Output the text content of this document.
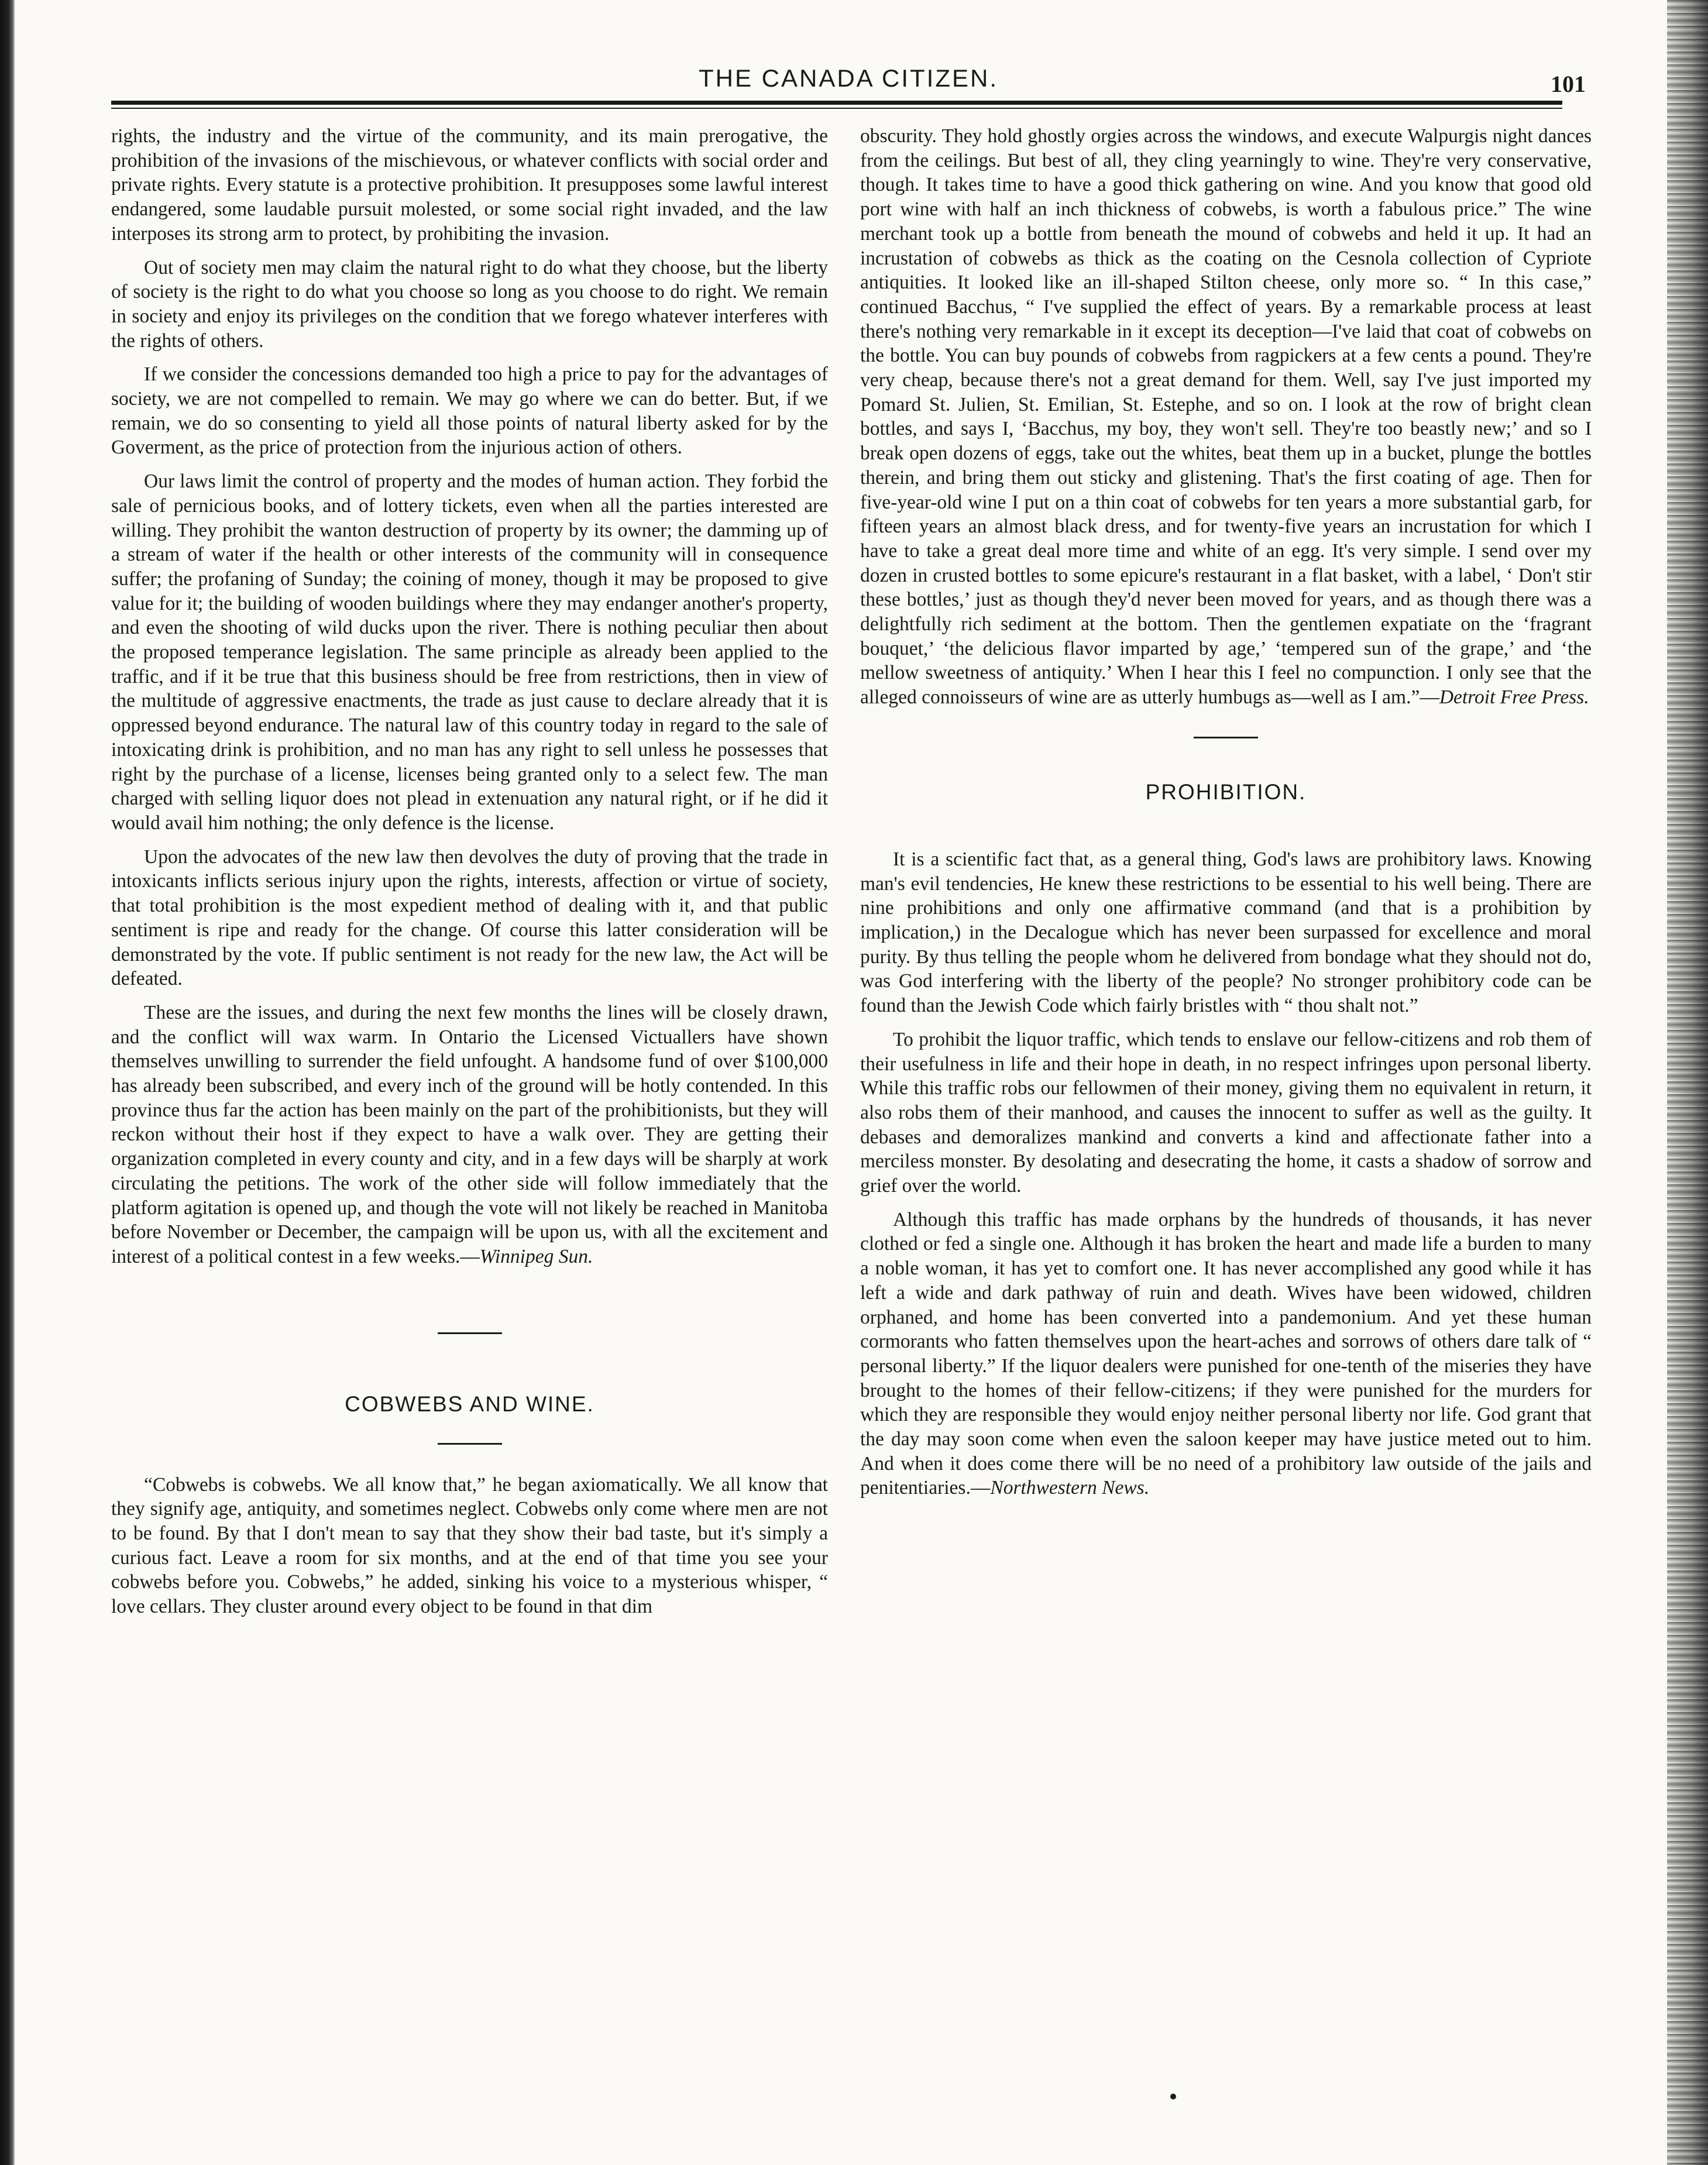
THE CANADA CITIZEN.	101

rights, the industry and the virtue of the community, and its main prerogative, the prohibition of the invasions of the mischievous, or whatever conflicts with social order and private rights. Every statute is a protective prohibition. It presupposes some lawful interest endangered, some laudable pursuit molested, or some social right invaded, and the law interposes its strong arm to protect, by prohibiting the invasion.

Out of society men may claim the natural right to do what they choose, but the liberty of society is the right to do what you choose so long as you choose to do right. We remain in society and enjoy its privileges on the condition that we forego whatever interferes with the rights of others.

If we consider the concessions demanded too high a price to pay for the advantages of society, we are not compelled to remain. We may go where we can do better. But, if we remain, we do so consenting to yield all those points of natural liberty asked for by the Goverment, as the price of protection from the injurious action of others.

Our laws limit the control of property and the modes of human action. They forbid the sale of pernicious books, and of lottery tickets, even when all the parties interested are willing. They prohibit the wanton destruction of property by its owner; the damming up of a stream of water if the health or other interests of the community will in consequence suffer; the profaning of Sunday; the coining of money, though it may be proposed to give value for it; the building of wooden buildings where they may endanger another's property, and even the shooting of wild ducks upon the river. There is nothing peculiar then about the proposed temperance legislation. The same principle as already been applied to the traffic, and if it be true that this business should be free from restrictions, then in view of the multitude of aggressive enactments, the trade as just cause to declare already that it is oppressed beyond endurance. The natural law of this country today in regard to the sale of intoxicating drink is prohibition, and no man has any right to sell unless he possesses that right by the purchase of a license, licenses being granted only to a select few. The man charged with selling liquor does not plead in extenuation any natural right, or if he did it would avail him nothing; the only defence is the license.

Upon the advocates of the new law then devolves the duty of proving that the trade in intoxicants inflicts serious injury upon the rights, interests, affection or virtue of society, that total prohibition is the most expedient method of dealing with it, and that public sentiment is ripe and ready for the change. Of course this latter consideration will be demonstrated by the vote. If public sentiment is not ready for the new law, the Act will be defeated.

These are the issues, and during the next few months the lines will be closely drawn, and the conflict will wax warm. In Ontario the Licensed Victuallers have shown themselves unwilling to surrender the field unfought. A handsome fund of over $100,000 has already been subscribed, and every inch of the ground will be hotly contended. In this province thus far the action has been mainly on the part of the prohibitionists, but they will reckon without their host if they expect to have a walk over. They are getting their organization completed in every county and city, and in a few days will be sharply at work circulating the petitions. The work of the other side will follow immediately that the platform agitation is opened up, and though the vote will not likely be reached in Manitoba before November or December, the campaign will be upon us, with all the excitement and interest of a political contest in a few weeks.—Winnipeg Sun.

COBWEBS AND WINE.

“Cobwebs is cobwebs. We all know that,” he began axiomatically. We all know that they signify age, antiquity, and sometimes neglect. Cobwebs only come where men are not to be found. By that I don't mean to say that they show their bad taste, but it's simply a curious fact. Leave a room for six months, and at the end of that time you see your cobwebs before you. Cobwebs,” he added, sinking his voice to a mysterious whisper, “ love cellars. They cluster around every object to be found in that dim

obscurity. They hold ghostly orgies across the windows, and execute Walpurgis night dances from the ceilings. But best of all, they cling yearningly to wine. They're very conservative, though. It takes time to have a good thick gathering on wine. And you know that good old port wine with half an inch thickness of cobwebs, is worth a fabulous price.” The wine merchant took up a bottle from beneath the mound of cobwebs and held it up. It had an incrustation of cobwebs as thick as the coating on the Cesnola collection of Cypriote antiquities. It looked like an ill-shaped Stilton cheese, only more so. “ In this case,” continued Bacchus, “ I've supplied the effect of years. By a remarkable process at least there's nothing very remarkable in it except its deception—I've laid that coat of cobwebs on the bottle. You can buy pounds of cobwebs from ragpickers at a few cents a pound. They're very cheap, because there's not a great demand for them. Well, say I've just imported my Pomard St. Julien, St. Emilian, St. Estephe, and so on. I look at the row of bright clean bottles, and says I, ‘Bacchus, my boy, they won't sell. They're too beastly new;’ and so I break open dozens of eggs, take out the whites, beat them up in a bucket, plunge the bottles therein, and bring them out sticky and glistening. That's the first coating of age. Then for five-year-old wine I put on a thin coat of cobwebs for ten years a more substantial garb, for fifteen years an almost black dress, and for twenty-five years an incrustation for which I have to take a great deal more time and white of an egg. It's very simple. I send over my dozen in crusted bottles to some epicure's restaurant in a flat basket, with a label, ‘ Don't stir these bottles,’ just as though they'd never been moved for years, and as though there was a delightfully rich sediment at the bottom. Then the gentlemen expatiate on the ‘fragrant bouquet,’ ‘the delicious flavor imparted by age,’ ‘tempered sun of the grape,’ and ‘the mellow sweetness of antiquity.’ When I hear this I feel no compunction. I only see that the alleged connoisseurs of wine are as utterly humbugs as—well as I am.”—Detroit Free Press.

PROHIBITION.

It is a scientific fact that, as a general thing, God's laws are prohibitory laws. Knowing man's evil tendencies, He knew these restrictions to be essential to his well being. There are nine prohibitions and only one affirmative command (and that is a prohibition by implication,) in the Decalogue which has never been surpassed for excellence and moral purity. By thus telling the people whom he delivered from bondage what they should not do, was God interfering with the liberty of the people? No stronger prohibitory code can be found than the Jewish Code which fairly bristles with “ thou shalt not.”

To prohibit the liquor traffic, which tends to enslave our fellow-citizens and rob them of their usefulness in life and their hope in death, in no respect infringes upon personal liberty. While this traffic robs our fellowmen of their money, giving them no equivalent in return, it also robs them of their manhood, and causes the innocent to suffer as well as the guilty. It debases and demoralizes mankind and converts a kind and affectionate father into a merciless monster. By desolating and desecrating the home, it casts a shadow of sorrow and grief over the world.

Although this traffic has made orphans by the hundreds of thousands, it has never clothed or fed a single one. Although it has broken the heart and made life a burden to many a noble woman, it has yet to comfort one. It has never accomplished any good while it has left a wide and dark pathway of ruin and death. Wives have been widowed, children orphaned, and home has been converted into a pandemonium. And yet these human cormorants who fatten themselves upon the heart-aches and sorrows of others dare talk of “ personal liberty.” If the liquor dealers were punished for one-tenth of the miseries they have brought to the homes of their fellow-citizens; if they were punished for the murders for which they are responsible they would enjoy neither personal liberty nor life. God grant that the day may soon come when even the saloon keeper may have justice meted out to him. And when it does come there will be no need of a prohibitory law outside of the jails and penitentiaries.—Northwestern News.
